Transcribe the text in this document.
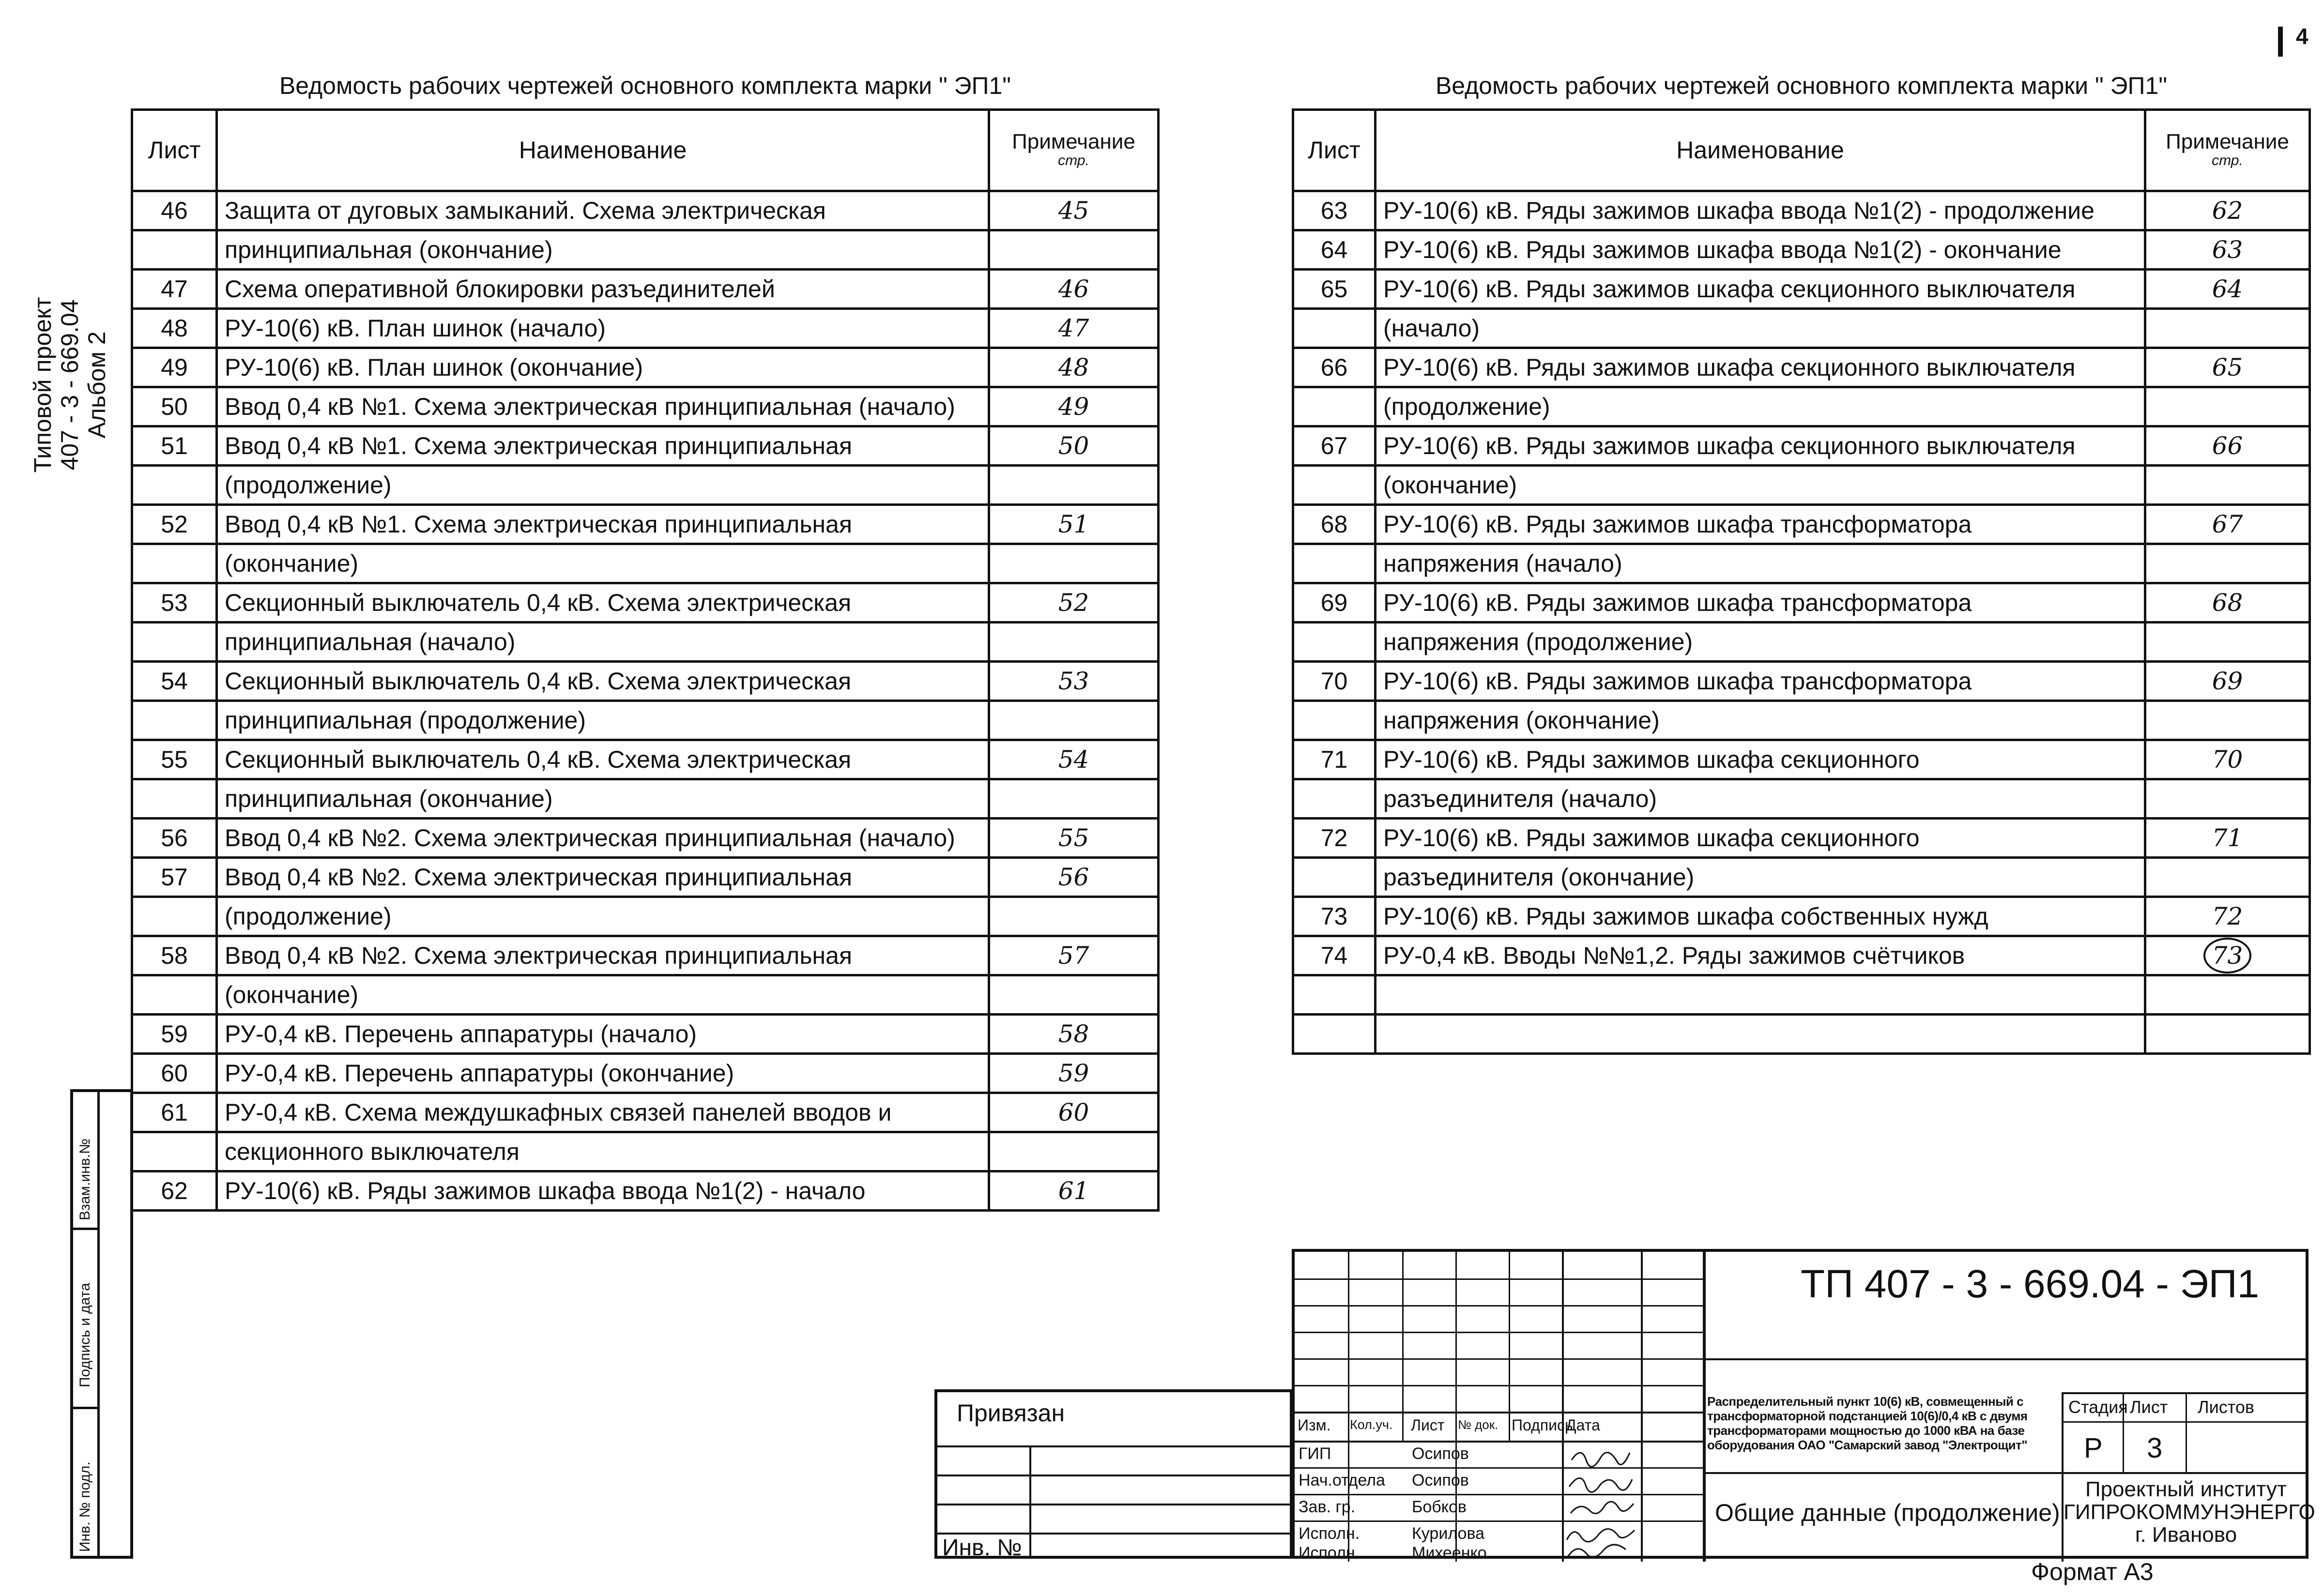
4
Типовой проект 407 - 3 - 669.04 Альбом 2
Взам.инв.№
Подпись и дата
Инв. № подл.
Ведомость рабочих чертежей основного комплекта марки " ЭП1"		
Лист	Наименование	Примечание
стр.

46	Защита от дуговых замыканий. Схема электрическая	45
	принципиальная (окончание)	
47	Схема оперативной блокировки разъединителей	46
48	РУ-10(6) кВ. План шинок (начало)	47
49	РУ-10(6) кВ. План шинок (окончание)	48
50	Ввод 0,4 кВ №1. Схема электрическая принципиальная (начало)	49
51	Ввод 0,4 кВ №1. Схема электрическая принципиальная	50
	(продолжение)	
52	Ввод 0,4 кВ №1. Схема электрическая принципиальная	51
	(окончание)	
53	Секционный выключатель 0,4 кВ. Схема электрическая	52
	принципиальная (начало)	
54	Секционный выключатель 0,4 кВ. Схема электрическая	53
	принципиальная (продолжение)	
55	Секционный выключатель 0,4 кВ. Схема электрическая	54
	принципиальная (окончание)	
56	Ввод 0,4 кВ №2. Схема электрическая принципиальная (начало)	55
57	Ввод 0,4 кВ №2. Схема электрическая принципиальная	56
	(продолжение)	
58	Ввод 0,4 кВ №2. Схема электрическая принципиальная	57
	(окончание)	
59	РУ-0,4 кВ. Перечень аппаратуры (начало)	58
60	РУ-0,4 кВ. Перечень аппаратуры (окончание)	59
61	РУ-0,4 кВ. Схема междушкафных связей панелей вводов и	60
	секционного выключателя	
62	РУ-10(6) кВ. Ряды зажимов шкафа ввода №1(2) - начало	61
Ведомость рабочих чертежей основного комплекта марки " ЭП1"		
Лист	Наименование	Примечание
стр.

63	РУ-10(6) кВ. Ряды зажимов шкафа ввода №1(2) - продолжение	62
64	РУ-10(6) кВ. Ряды зажимов шкафа ввода №1(2) - окончание	63
65	РУ-10(6) кВ. Ряды зажимов шкафа секционного выключателя	64
	(начало)	
66	РУ-10(6) кВ. Ряды зажимов шкафа секционного выключателя	65
	(продолжение)	
67	РУ-10(6) кВ. Ряды зажимов шкафа секционного выключателя	66
	(окончание)	
68	РУ-10(6) кВ. Ряды зажимов шкафа трансформатора	67
	напряжения (начало)	
69	РУ-10(6) кВ. Ряды зажимов шкафа трансформатора	68
	напряжения (продолжение)	
70	РУ-10(6) кВ. Ряды зажимов шкафа трансформатора	69
	напряжения (окончание)	
71	РУ-10(6) кВ. Ряды зажимов шкафа секционного	70
	разъединителя (начало)	
72	РУ-10(6) кВ. Ряды зажимов шкафа секционного	71
	разъединителя (окончание)	
73	РУ-10(6) кВ. Ряды зажимов шкафа собственных нужд	72
74	РУ-0,4 кВ. Вводы №№1,2. Ряды зажимов счётчиков	73

Привязан
Инв. №
Изм. Кол.уч. Лист № док. Подпись
Дата
ГИП	Осипов
Нач.отдела Осипов
Зав. гр.	Бобков
Исполн.	Курилова
Исполн	Михеенко
ТП 407 - 3 - 669.04 - ЭП1
Распределительный пункт 10(6) кВ, совмещенный с трансформаторной подстанцией 10(6)/0,4 кВ с двумя трансформаторами мощностью до 1000 кВА на базе оборудования ОАО "Самарский завод "Электрощит"
Общие данные (продолжение)
Стадия Лист Листов
Р 3
Проектный институт
ГИПРОКОММУНЭНЕРГО
г. Иваново
Формат А3
